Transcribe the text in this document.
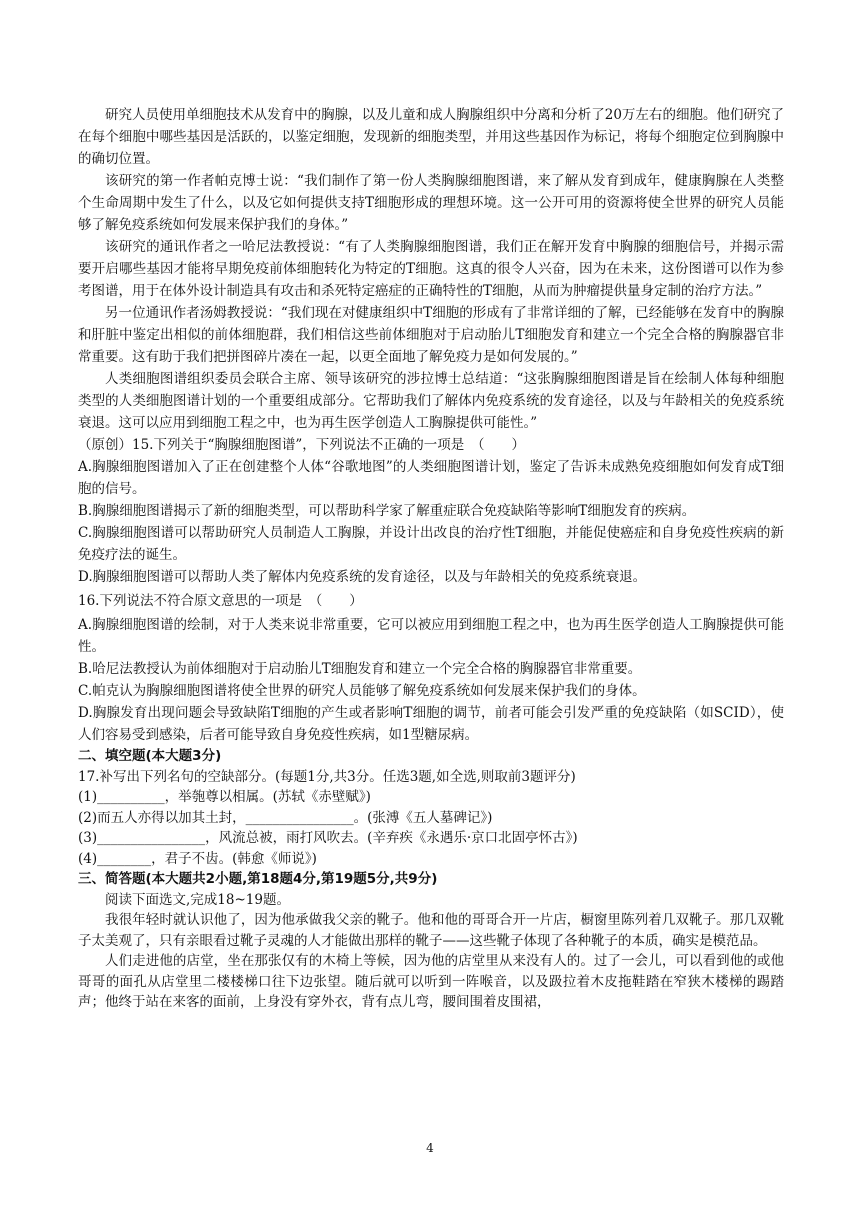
研究人员使用单细胞技术从发育中的胸腺，以及儿童和成人胸腺组织中分离和分析了20万左右的细胞。他们研究了在每个细胞中哪些基因是活跃的，以鉴定细胞，发现新的细胞类型，并用这些基因作为标记，将每个细胞定位到胸腺中的确切位置。

该研究的第一作者帕克博士说：“我们制作了第一份人类胸腺细胞图谱，来了解从发育到成年，健康胸腺在人类整个生命周期中发生了什么，以及它如何提供支持T细胞形成的理想环境。这一公开可用的资源将使全世界的研究人员能够了解免疫系统如何发展来保护我们的身体。”

该研究的通讯作者之一哈尼法教授说：“有了人类胸腺细胞图谱，我们正在解开发育中胸腺的细胞信号，并揭示需要开启哪些基因才能将早期免疫前体细胞转化为特定的T细胞。这真的很令人兴奋，因为在未来，这份图谱可以作为参考图谱，用于在体外设计制造具有攻击和杀死特定癌症的正确特性的T细胞，从而为肿瘤提供量身定制的治疗方法。”

另一位通讯作者汤姆教授说：“我们现在对健康组织中T细胞的形成有了非常详细的了解，已经能够在发育中的胸腺和肝脏中鉴定出相似的前体细胞群，我们相信这些前体细胞对于启动胎儿T细胞发育和建立一个完全合格的胸腺器官非常重要。这有助于我们把拼图碎片凑在一起，以更全面地了解免疫力是如何发展的。”

人类细胞图谱组织委员会联合主席、领导该研究的涉拉博士总结道：“这张胸腺细胞图谱是旨在绘制人体每种细胞类型的人类细胞图谱计划的一个重要组成部分。它帮助我们了解体内免疫系统的发育途径，以及与年龄相关的免疫系统衰退。这可以应用到细胞工程之中，也为再生医学创造人工胸腺提供可能性。”

（原创）15.下列关于“胸腺细胞图谱”，下列说法不正确的一项是　（　　）

A.胸腺细胞图谱加入了正在创建整个人体“谷歌地图”的人类细胞图谱计划，鉴定了告诉未成熟免疫细胞如何发育成T细胞的信号。

B.胸腺细胞图谱揭示了新的细胞类型，可以帮助科学家了解重症联合免疫缺陷等影响T细胞发育的疾病。

C.胸腺细胞图谱可以帮助研究人员制造人工胸腺，并设计出改良的治疗性T细胞，并能促使癌症和自身免疫性疾病的新免疫疗法的诞生。

D.胸腺细胞图谱可以帮助人类了解体内免疫系统的发育途径，以及与年龄相关的免疫系统衰退。

16.下列说法不符合原文意思的一项是　（　　）

A.胸腺细胞图谱的绘制，对于人类来说非常重要，它可以被应用到细胞工程之中，也为再生医学创造人工胸腺提供可能性。

B.哈尼法教授认为前体细胞对于启动胎儿T细胞发育和建立一个完全合格的胸腺器官非常重要。

C.帕克认为胸腺细胞图谱将使全世界的研究人员能够了解免疫系统如何发展来保护我们的身体。

D.胸腺发育出现问题会导致缺陷T细胞的产生或者影响T细胞的调节，前者可能会引发严重的免疫缺陷（如SCID），使人们容易受到感染，后者可能导致自身免疫性疾病，如1型糖尿病。

二、填空题(本大题3分)

17.补写出下列名句的空缺部分。(每题1分,共3分。任选3题,如全选,则取前3题评分)

(1)__________，举匏尊以相属。(苏轼《赤壁赋》)

(2)而五人亦得以加其土封，________________。(张溥《五人墓碑记》)

(3)________________，风流总被，雨打风吹去。(辛弃疾《永遇乐·京口北固亭怀古》)

(4)________，君子不齿。(韩愈《师说》)

三、简答题(本大题共2小题,第18题4分,第19题5分,共9分)

阅读下面选文,完成18~19题。

我很年轻时就认识他了，因为他承做我父亲的靴子。他和他的哥哥合开一片店，橱窗里陈列着几双靴子。那几双靴子太美观了，只有亲眼看过靴子灵魂的人才能做出那样的靴子——这些靴子体现了各种靴子的本质，确实是模范品。

人们走进他的店堂，坐在那张仅有的木椅上等候，因为他的店堂里从来没有人的。过了一会儿，可以看到他的或他哥哥的面孔从店堂里二楼楼梯口往下边张望。随后就可以听到一阵喉音，以及趿拉着木皮拖鞋踏在窄狭木楼梯的踢踏声；他终于站在来客的面前，上身没有穿外衣，背有点儿弯，腰间围着皮围裙，

4
